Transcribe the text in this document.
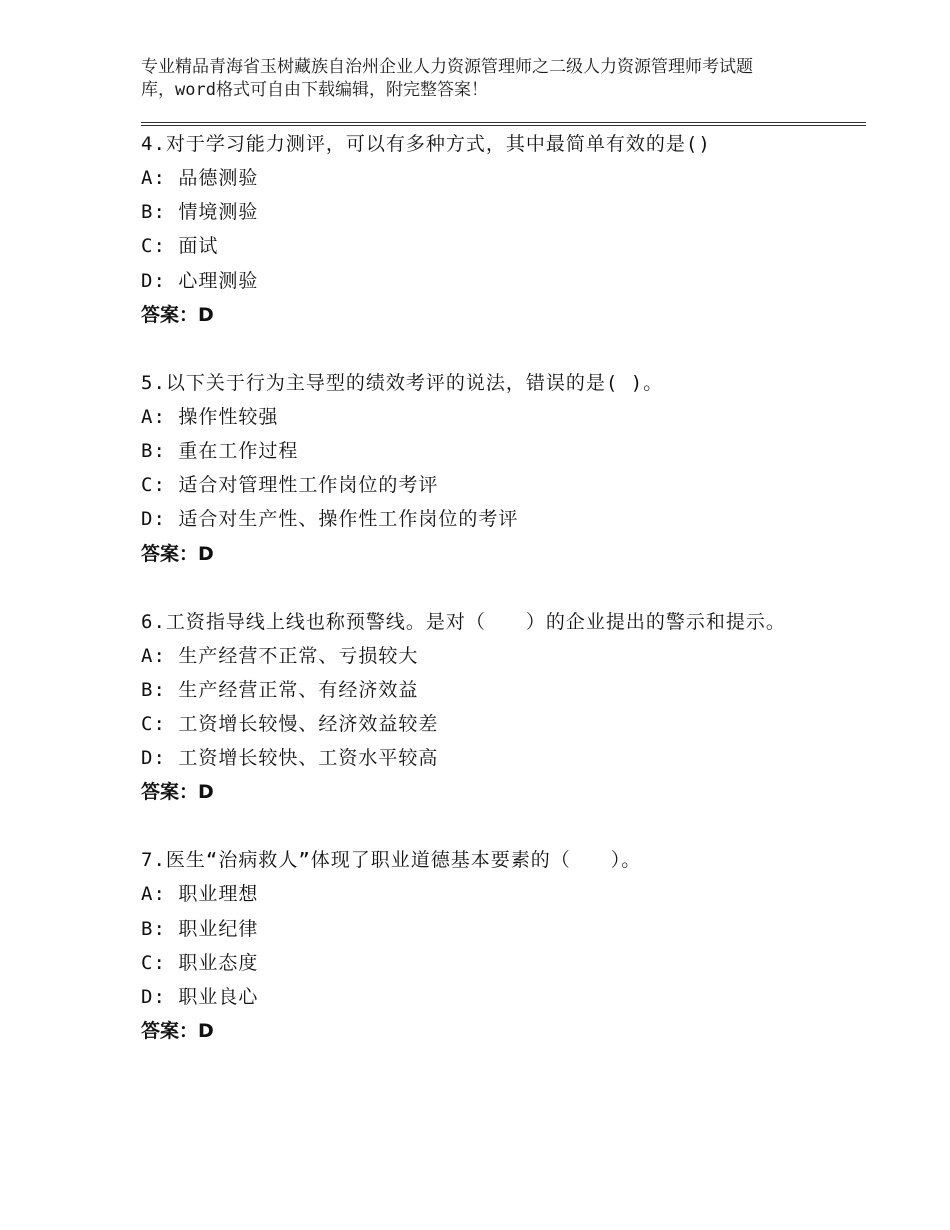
专业精品青海省玉树藏族自治州企业人力资源管理师之二级人力资源管理师考试题
库，word格式可自由下载编辑，附完整答案！

4.对于学习能力测评，可以有多种方式，其中最简单有效的是()

A: 品德测验
B: 情境测验
C: 面试
D: 心理测验
答案：D

5.以下关于行为主导型的绩效考评的说法，错误的是( )。

A: 操作性较强
B: 重在工作过程
C: 适合对管理性工作岗位的考评
D: 适合对生产性、操作性工作岗位的考评
答案：D

6.工资指导线上线也称预警线。是对（　　）的企业提出的警示和提示。

A: 生产经营不正常、亏损较大
B: 生产经营正常、有经济效益
C: 工资增长较慢、经济效益较差
D: 工资增长较快、工资水平较高
答案：D

7.医生“治病救人”体现了职业道德基本要素的（　　）。

A: 职业理想
B: 职业纪律
C: 职业态度
D: 职业良心
答案：D
